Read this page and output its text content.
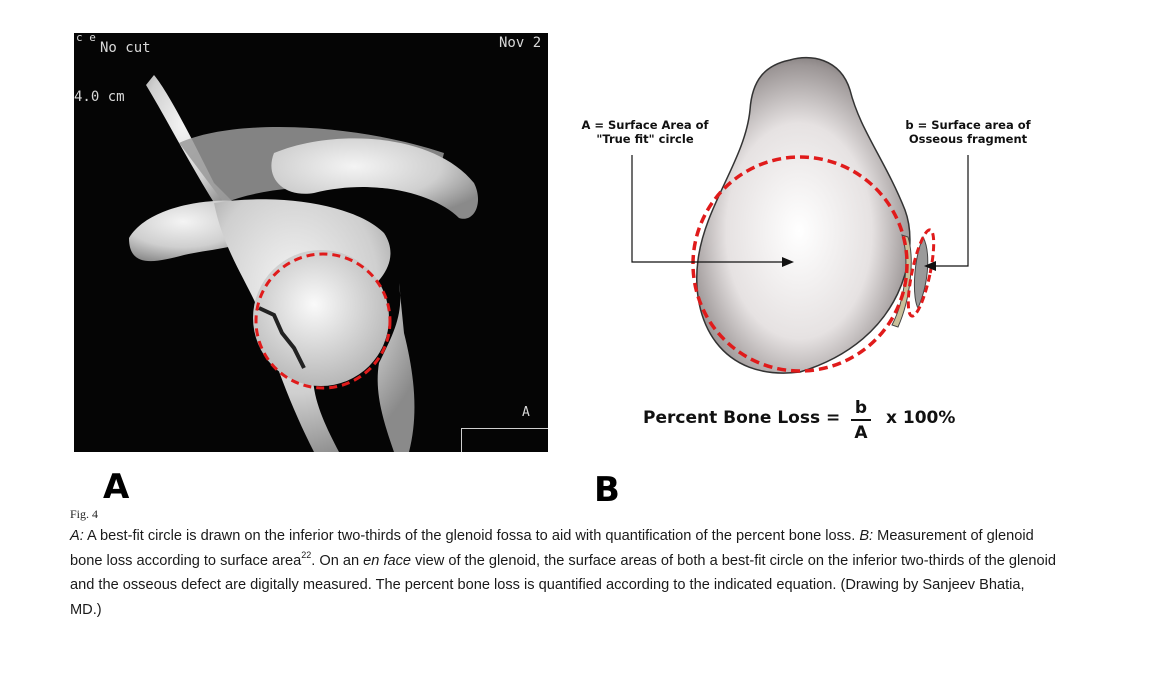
c e
No cut	Nov 2
4.0 cm
A
A
A = Surface Area of
"True fit" circle
b = Surface area of
Osseous fragment
Percent Bone Loss = b
A
x 100%
B
Fig. 4
A: A best-fit circle is drawn on the inferior two-thirds of the glenoid fossa to aid with quantification of the percent bone loss. B: Measurement of glenoid bone loss according to surface area$^{22}$. On an en face view of the glenoid, the surface areas of both a best-fit circle on the inferior two-thirds of the glenoid and the osseous defect are digitally measured. The percent bone loss is quantified according to the indicated equation. (Drawing by Sanjeev Bhatia, MD.)
